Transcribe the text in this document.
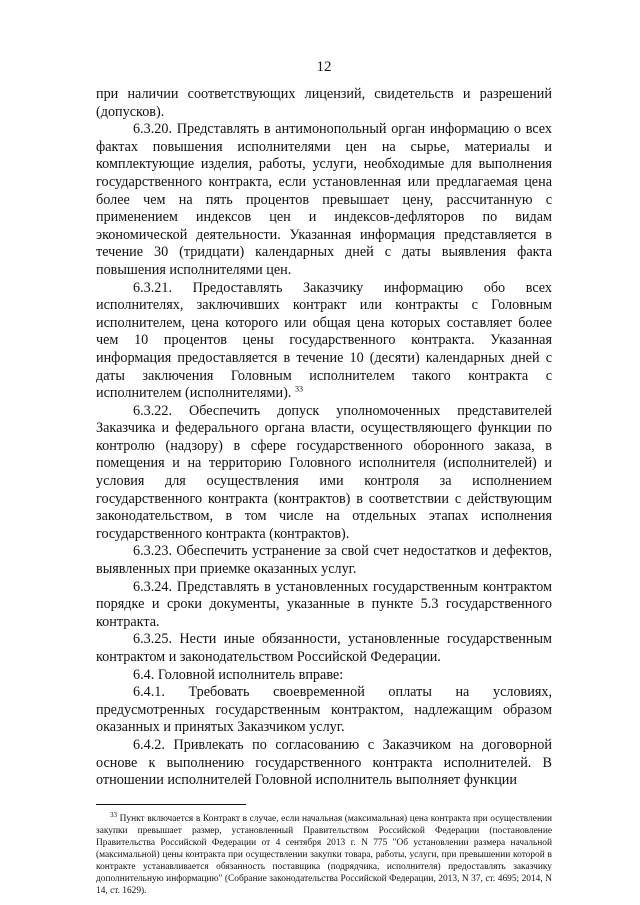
12

при наличии соответствующих лицензий, свидетельств и разрешений (допусков).

6.3.20. Представлять в антимонопольный орган информацию о всех фактах повышения исполнителями цен на сырье, материалы и комплектующие изделия, работы, услуги, необходимые для выполнения государственного контракта, если установленная или предлагаемая цена более чем на пять процентов превышает цену, рассчитанную с применением индексов цен и индексов-дефляторов по видам экономической деятельности. Указанная информация представляется в течение 30 (тридцати) календарных дней с даты выявления факта повышения исполнителями цен.

6.3.21. Предоставлять Заказчику информацию обо всех исполнителях, заключивших контракт или контракты с Головным исполнителем, цена которого или общая цена которых составляет более чем 10 процентов цены государственного контракта. Указанная информация предоставляется в течение 10 (десяти) календарных дней с даты заключения Головным исполнителем такого контракта с исполнителем (исполнителями). $^{33}$

6.3.22. Обеспечить допуск уполномоченных представителей Заказчика и федерального органа власти, осуществляющего функции по контролю (надзору) в сфере государственного оборонного заказа, в помещения и на территорию Головного исполнителя (исполнителей) и условия для осуществления ими контроля за исполнением государственного контракта (контрактов) в соответствии с действующим законодательством, в том числе на отдельных этапах исполнения государственного контракта (контрактов).

6.3.23. Обеспечить устранение за свой счет недостатков и дефектов, выявленных при приемке оказанных услуг.

6.3.24. Представлять в установленных государственным контрактом порядке и сроки документы, указанные в пункте 5.3 государственного контракта.

6.3.25. Нести иные обязанности, установленные государственным контрактом и законодательством Российской Федерации.

6.4. Головной исполнитель вправе:

6.4.1. Требовать своевременной оплаты на условиях, предусмотренных государственным контрактом, надлежащим образом оказанных и принятых Заказчиком услуг.

6.4.2. Привлекать по согласованию с Заказчиком на договорной основе к выполнению государственного контракта исполнителей. В отношении исполнителей Головной исполнитель выполняет функции

$^{33}$ Пункт включается в Контракт в случае, если начальная (максимальная) цена контракта при осуществлении закупки превышает размер, установленный Правительством Российской Федерации (постановление Правительства Российской Федерации от 4 сентября 2013 г. N 775 "Об установлении размера начальной (максимальной) цены контракта при осуществлении закупки товара, работы, услуги, при превышении которой в контракте устанавливается обязанность поставщика (подрядчика, исполнителя) предоставлять заказчику дополнительную информацию" (Собрание законодательства Российской Федерации, 2013, N 37, ст. 4695; 2014, N 14, ст. 1629).
